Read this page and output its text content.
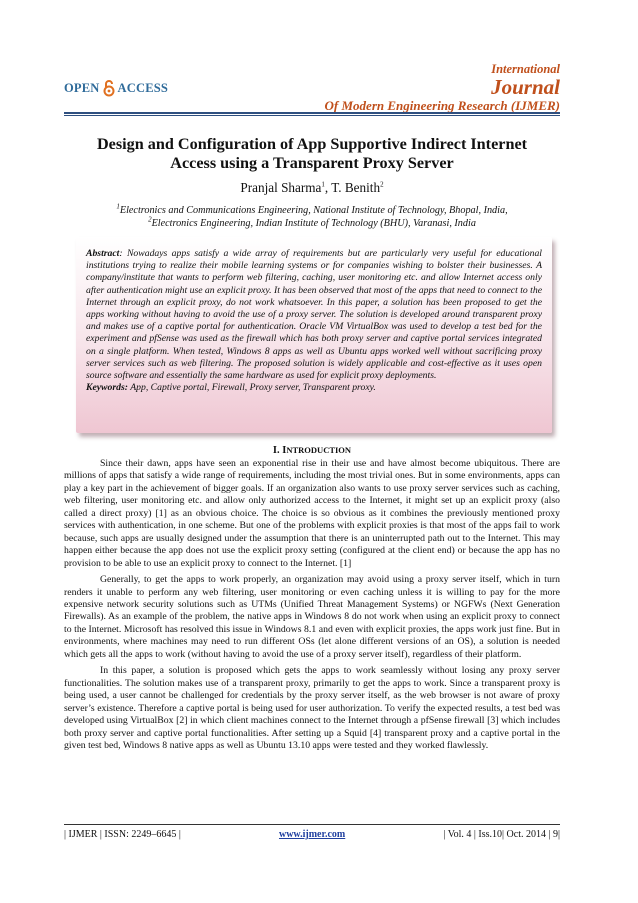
OPEN ACCESS
International
Journal
Of Modern Engineering Research (IJMER)
Design and Configuration of App Supportive Indirect Internet
Access using a Transparent Proxy Server
Pranjal Sharma$^1$, T. Benith$^2$
$^1$Electronics and Communications Engineering, National Institute of Technology, Bhopal, India,
$^2$Electronics Engineering, Indian Institute of Technology (BHU), Varanasi, India
Abstract: Nowadays apps satisfy a wide array of requirements but are particularly very useful for educational institutions trying to realize their mobile learning systems or for companies wishing to bolster their businesses. A company/institute that wants to perform web filtering, caching, user monitoring etc. and allow Internet access only after authentication might use an explicit proxy. It has been observed that most of the apps that need to connect to the Internet through an explicit proxy, do not work whatsoever. In this paper, a solution has been proposed to get the apps working without having to avoid the use of a proxy server. The solution is developed around transparent proxy and makes use of a captive portal for authentication. Oracle VM VirtualBox was used to develop a test bed for the experiment and pfSense was used as the firewall which has both proxy server and captive portal services integrated on a single platform. When tested, Windows 8 apps as well as Ubuntu apps worked well without sacrificing proxy server services such as web filtering. The proposed solution is widely applicable and cost-effective as it uses open source software and essentially the same hardware as used for explicit proxy deployments.
Keywords: App, Captive portal, Firewall, Proxy server, Transparent proxy.
I. INTRODUCTION

Since their dawn, apps have seen an exponential rise in their use and have almost become ubiquitous. There are millions of apps that satisfy a wide range of requirements, including the most trivial ones. But in some environments, apps can play a key part in the achievement of bigger goals. If an organization also wants to use proxy server services such as caching, web filtering, user monitoring etc. and allow only authorized access to the Internet, it might set up an explicit proxy (also called a direct proxy) [1] as an obvious choice. The choice is so obvious as it combines the previously mentioned proxy services with authentication, in one scheme. But one of the problems with explicit proxies is that most of the apps fail to work because, such apps are usually designed under the assumption that there is an uninterrupted path out to the Internet. This may happen either because the app does not use the explicit proxy setting (configured at the client end) or because the app has no provision to be able to use an explicit proxy to connect to the Internet. [1]

Generally, to get the apps to work properly, an organization may avoid using a proxy server itself, which in turn renders it unable to perform any web filtering, user monitoring or even caching unless it is willing to pay for the more expensive network security solutions such as UTMs (Unified Threat Management Systems) or NGFWs (Next Generation Firewalls). As an example of the problem, the native apps in Windows 8 do not work when using an explicit proxy to connect to the Internet. Microsoft has resolved this issue in Windows 8.1 and even with explicit proxies, the apps work just fine. But in environments, where machines may need to run different OSs (let alone different versions of an OS), a solution is needed which gets all the apps to work (without having to avoid the use of a proxy server itself), regardless of their platform.

In this paper, a solution is proposed which gets the apps to work seamlessly without losing any proxy server functionalities. The solution makes use of a transparent proxy, primarily to get the apps to work. Since a transparent proxy is being used, a user cannot be challenged for credentials by the proxy server itself, as the web browser is not aware of proxy server’s existence. Therefore a captive portal is being used for user authorization. To verify the expected results, a test bed was developed using VirtualBox [2] in which client machines connect to the Internet through a pfSense firewall [3] which includes both proxy server and captive portal functionalities. After setting up a Squid [4] transparent proxy and a captive portal in the given test bed, Windows 8 native apps as well as Ubuntu 13.10 apps were tested and they worked flawlessly.

| IJMER | ISSN: 2249–6645 |	www.ijmer.com	| Vol. 4 | Iss.10| Oct. 2014 | 9|
